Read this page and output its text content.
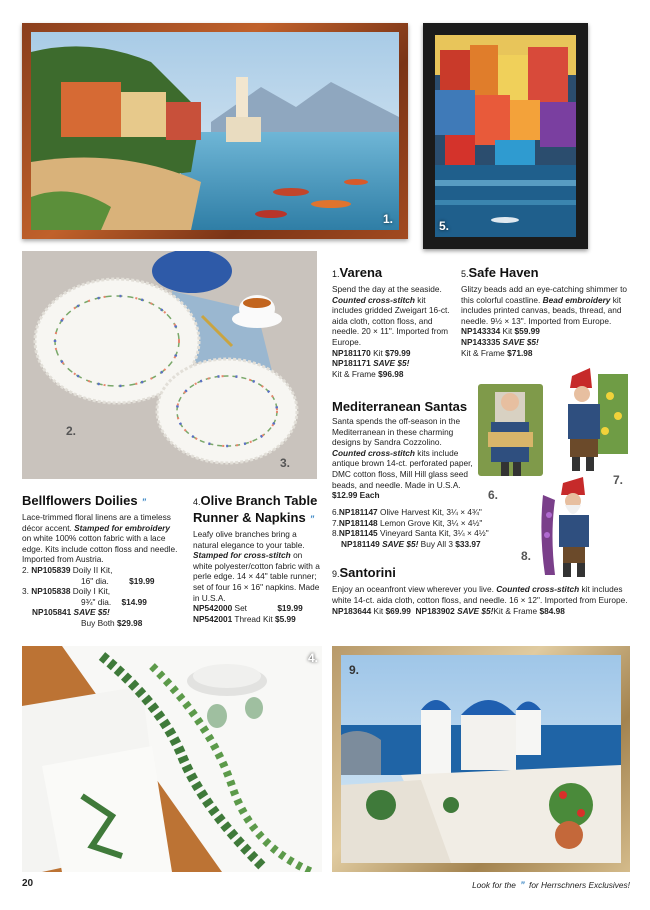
1.	5.
2.
3.
1.Varena
Spend the day at the seaside. Counted cross-stitch kit includes gridded Zweigart 16-ct. aida cloth, cotton floss, and needle. 20 × 11". Imported from Europe.
NP181170 Kit $79.99
NP181171 SAVE $5!
Kit & Frame $96.98
5.Safe Haven
Glitzy beads add an eye-catching shimmer to this colorful coastline. Bead embroidery kit includes printed canvas, beads, thread, and needle. 9½ × 13". Imported from Europe.
NP143334 Kit $59.99
NP143335 SAVE $5!
Kit & Frame $71.98
Mediterranean Santas
Santa spends the off-season in the Mediterranean in these charming designs by Sandra Cozzolino. Counted cross-stitch kits include antique brown 14-ct. perforated paper, DMC cotton floss, Mill Hill glass seed beads, and needle. Made in U.S.A. $12.99 Each
6.NP181147 Olive Harvest Kit, 3¼ × 4¾"
7.NP181148 Lemon Grove Kit, 3¼ × 4½"
8.NP181145 Vineyard Santa Kit, 3¼ × 4½"
NP181149 SAVE $5! Buy All 3 $33.97
6.
7.
8.
9.Santorini
Enjoy an oceanfront view wherever you live. Counted cross-stitch kit includes white 14-ct. aida cloth, cotton floss, and needle. 16 × 12". Imported from Europe.
NP183644 Kit $69.99 NP183902 SAVE $5!Kit & Frame $84.98
Bellflowers Doilies ”
Lace-trimmed floral linens are a timeless décor accent. Stamped for embroidery on white 100% cotton fabric with a lace edge. Kits include cotton floss and needle. Imported from Austria.
2. NP105839 Doily II Kit,
16" dia. $19.99
3. NP105838 Doily I Kit,
9¾" dia. $14.99
NP105841 SAVE $5!
Buy Both $29.98
4.Olive Branch Table Runner & Napkins ”
Leafy olive branches bring a natural elegance to your table. Stamped for cross-stitch on white polyester/cotton fabric with a perle edge. 14 × 44" table runner; set of four 16 × 16" napkins. Made in U.S.A.
NP542000 Set	$19.99
NP542001 Thread Kit $5.99
4.
9.
20	Look for the ” for Herrschners Exclusives!
